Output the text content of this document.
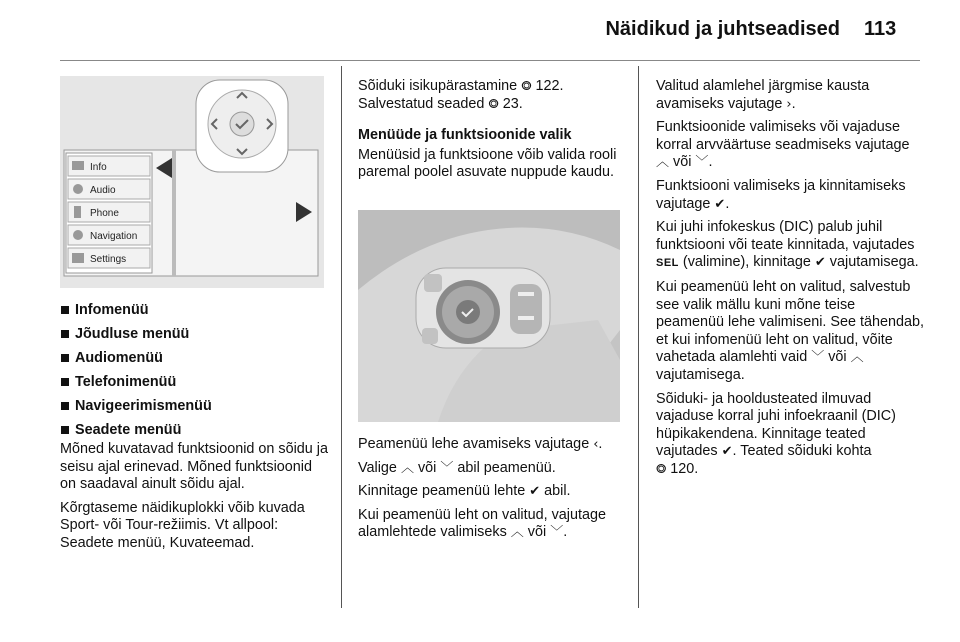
Näidikud ja juhtseadised 113
Info
Audio
Phone
Navigation
Settings
Infomenüü
Jõudluse menüü
Audiomenüü
Telefonimenüü
Navigeerimismenüü
Seadete menüü

Mõned kuvatavad funktsioonid on sõidu ja seisu ajal erinevad. Mõned funktsioonid on saadaval ainult sõidu ajal.

Kõrgtaseme näidikuplokki võib kuvada Sport- või Tour-režiimis. Vt allpool: Seadete menüü, Kuvateemad.

Sõiduki isikupärastamine ⭗ 122.
Salvestatud seaded ⭗ 23.

Menüüde ja funktsioonide valik

Menüüsid ja funktsioone võib valida rooli paremal poolel asuvate nuppude kaudu.

Peamenüü lehe avamiseks vajutage ‹.

Valige ︿ või ﹀ abil peamenüü.

Kinnitage peamenüü lehte ✔ abil.

Kui peamenüü leht on valitud, vajutage alamlehtede valimiseks ︿ või ﹀.

Valitud alamlehel järgmise kausta avamiseks vajutage ›.

Funktsioonide valimiseks või vajaduse korral arvväärtuse seadmiseks vajutage ︿ või ﹀.

Funktsiooni valimiseks ja kinnitamiseks vajutage ✔.

Kui juhi infokeskus (DIC) palub juhil funktsiooni või teate kinnitada, vajutades SEL (valimine), kinnitage ✔ vajutamisega.

Kui peamenüü leht on valitud, salvestub see valik mällu kuni mõne teise peamenüü lehe valimiseni. See tähendab, et kui infomenüü leht on valitud, võite vahetada alamlehti vaid ﹀ või ︿ vajutamisega.

Sõiduki- ja hooldusteated ilmuvad vajaduse korral juhi infoekraanil (DIC) hüpikakendena. Kinnitage teated vajutades ✔. Teated sõiduki kohta
⭗ 120.
